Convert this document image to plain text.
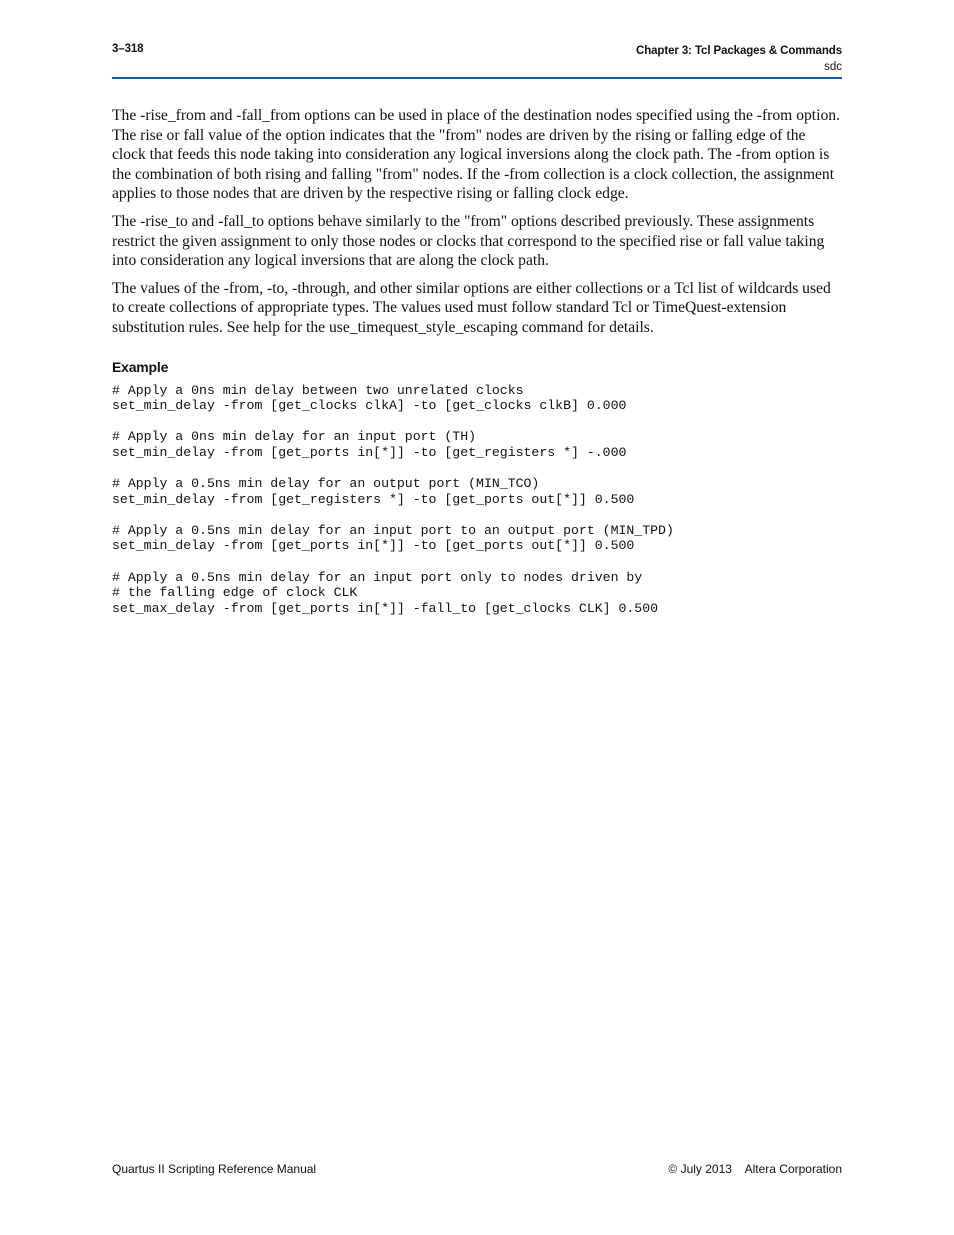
3–318	Chapter 3: Tcl Packages & Commands
sdc

The -rise_from and -fall_from options can be used in place of the destination nodes specified using the -from option. The rise or fall value of the option indicates that the "from" nodes are driven by the rising or falling edge of the clock that feeds this node taking into consideration any logical inversions along the clock path. The -from option is the combination of both rising and falling "from" nodes. If the -from collection is a clock collection, the assignment applies to those nodes that are driven by the respective rising or falling clock edge.

The -rise_to and -fall_to options behave similarly to the "from" options described previously. These assignments restrict the given assignment to only those nodes or clocks that correspond to the specified rise or fall value taking into consideration any logical inversions that are along the clock path.

The values of the -from, -to, -through, and other similar options are either collections or a Tcl list of wildcards used to create collections of appropriate types. The values used must follow standard Tcl or TimeQuest-extension substitution rules. See help for the use_timequest_style_escaping command for details.

Example
# Apply a 0ns min delay between two unrelated clocks
set_min_delay -from [get_clocks clkA] -to [get_clocks clkB] 0.000
# Apply a 0ns min delay for an input port (TH)
set_min_delay -from [get_ports in[*]] -to [get_registers *] -.000
# Apply a 0.5ns min delay for an output port (MIN_TCO)
set_min_delay -from [get_registers *] -to [get_ports out[*]] 0.500
# Apply a 0.5ns min delay for an input port to an output port (MIN_TPD)
set_min_delay -from [get_ports in[*]] -to [get_ports out[*]] 0.500
# Apply a 0.5ns min delay for an input port only to nodes driven by
# the falling edge of clock CLK
set_max_delay -from [get_ports in[*]] -fall_to [get_clocks CLK] 0.500
Quartus II Scripting Reference Manual	© July 2013    Altera Corporation
